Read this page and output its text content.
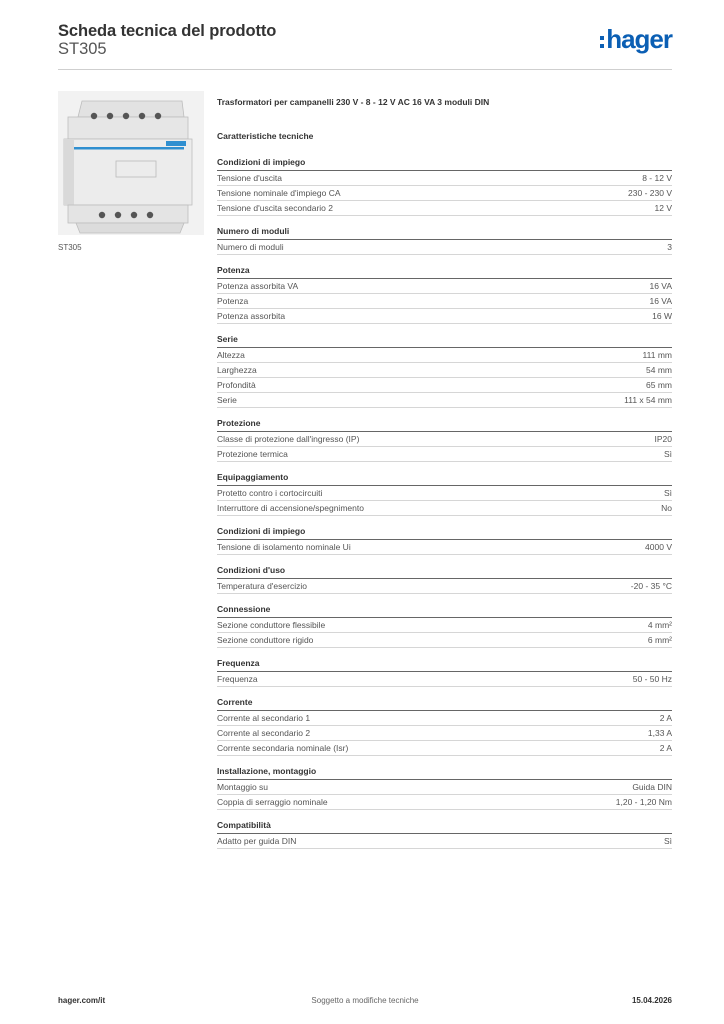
Scheda tecnica del prodotto
ST305	hager
ST305
Trasformatori per campanelli 230 V - 8 - 12 V AC 16 VA 3 moduli DIN
Caratteristiche tecniche
Condizioni di impiego
Tensione d'uscita	8 - 12 V
Tensione nominale d'impiego CA	230 - 230 V
Tensione d'uscita secondario 2	12 V
Numero di moduli
Numero di moduli	3
Potenza
Potenza assorbita VA	16 VA
Potenza	16 VA
Potenza assorbita	16 W
Serie
Altezza	111 mm
Larghezza	54 mm
Profondità	65 mm
Serie	111 x 54 mm
Protezione
Classe di protezione dall'ingresso (IP)	IP20
Protezione termica	Sì
Equipaggiamento
Protetto contro i cortocircuiti	Sì
Interruttore di accensione/spegnimento	No
Condizioni di impiego
Tensione di isolamento nominale Ui	4000 V
Condizioni d'uso
Temperatura d'esercizio	-20 - 35 °C
Connessione
Sezione conduttore flessibile	4 mm²
Sezione conduttore rigido	6 mm²
Frequenza
Frequenza	50 - 50 Hz
Corrente
Corrente al secondario 1	2 A
Corrente al secondario 2	1,33 A
Corrente secondaria nominale (Isr)	2 A
Installazione, montaggio
Montaggio su	Guida DIN
Coppia di serraggio nominale	1,20 - 1,20 Nm
Compatibilità
Adatto per guida DIN	Sì
hager.com/it	Soggetto a modifiche tecniche	15.04.2026
